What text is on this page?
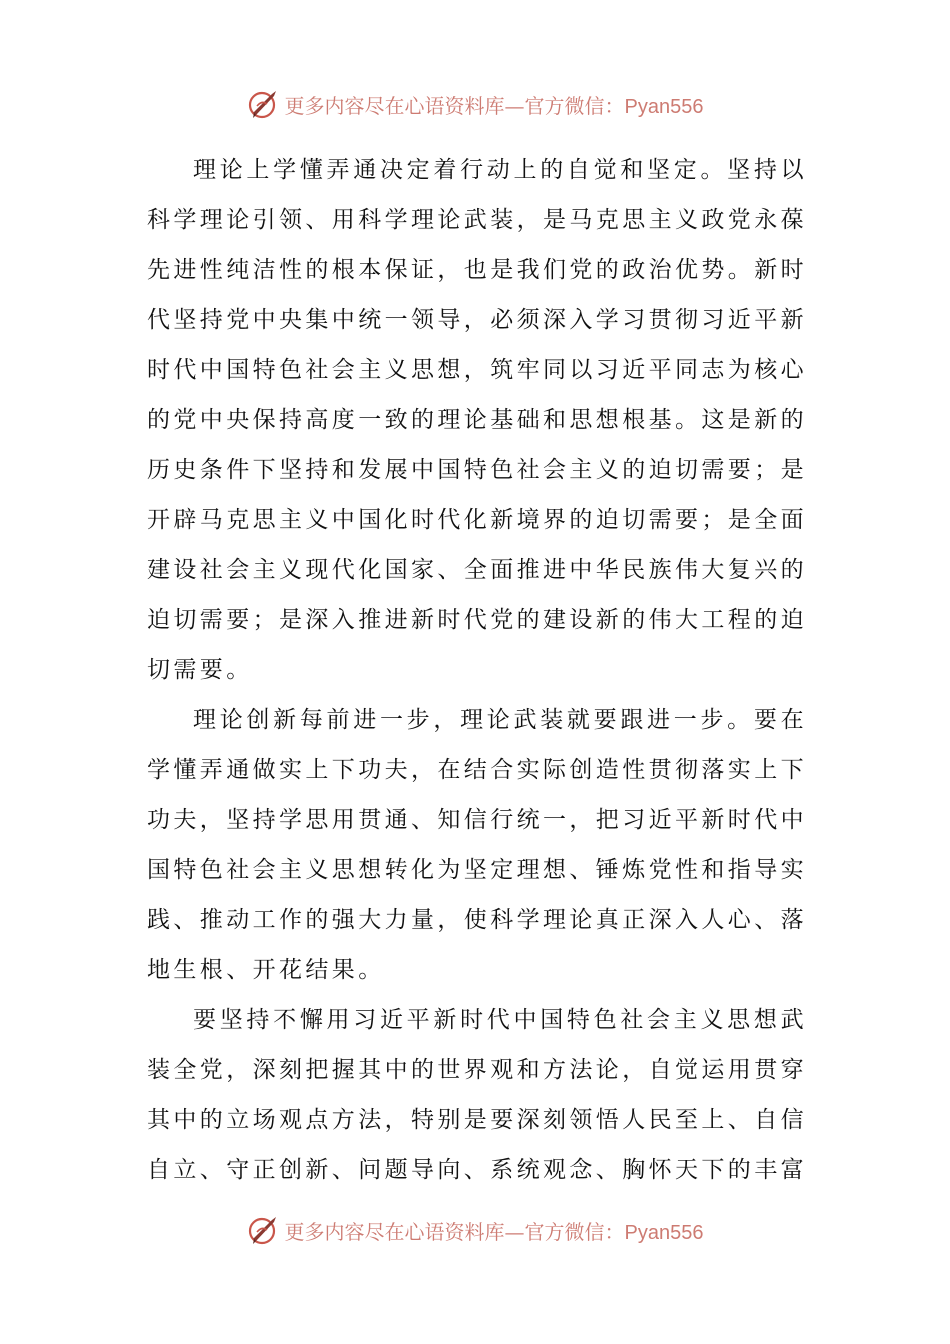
更多内容尽在心语资料库—官方微信：Pyan556

理论上学懂弄通决定着行动上的自觉和坚定。坚持以科学理论引领、用科学理论武装，是马克思主义政党永葆先进性纯洁性的根本保证，也是我们党的政治优势。新时代坚持党中央集中统一领导，必须深入学习贯彻习近平新时代中国特色社会主义思想，筑牢同以习近平同志为核心的党中央保持高度一致的理论基础和思想根基。这是新的历史条件下坚持和发展中国特色社会主义的迫切需要；是开辟马克思主义中国化时代化新境界的迫切需要；是全面建设社会主义现代化国家、全面推进中华民族伟大复兴的迫切需要；是深入推进新时代党的建设新的伟大工程的迫切需要。

理论创新每前进一步，理论武装就要跟进一步。要在学懂弄通做实上下功夫，在结合实际创造性贯彻落实上下功夫，坚持学思用贯通、知信行统一，把习近平新时代中国特色社会主义思想转化为坚定理想、锤炼党性和指导实践、推动工作的强大力量，使科学理论真正深入人心、落地生根、开花结果。

要坚持不懈用习近平新时代中国特色社会主义思想武装全党，深刻把握其中的世界观和方法论，自觉运用贯穿其中的立场观点方法，特别是要深刻领悟人民至上、自信自立、守正创新、问题导向、系统观念、胸怀天下的丰富

更多内容尽在心语资料库—官方微信：Pyan556
